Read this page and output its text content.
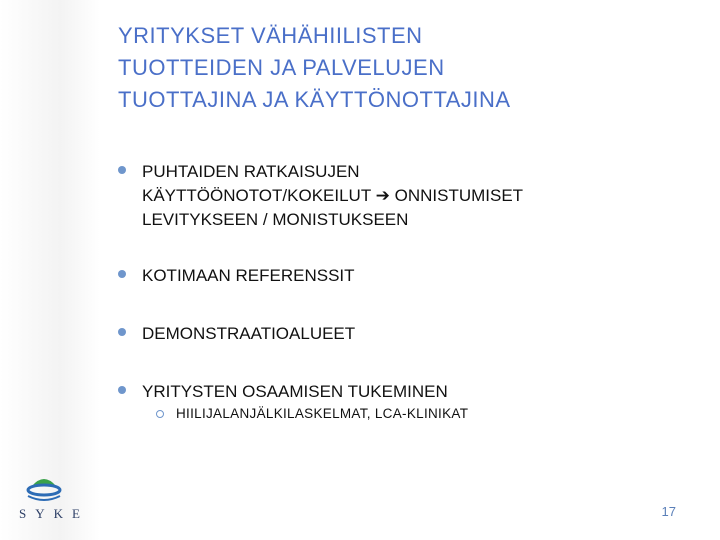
YRITYKSET VÄHÄHIILISTEN
TUOTTEIDEN JA PALVELUJEN
TUOTTAJINA JA KÄYTTÖNOTTAJINA
PUHTAIDEN RATKAISUJEN
KÄYTTÖÖNOTOT/KOKEILUT ➔ ONNISTUMISET
LEVITYKSEEN / MONISTUKSEEN
KOTIMAAN REFERENSSIT
DEMONSTRAATIOALUEET
YRITYSTEN OSAAMISEN TUKEMINEN
HIILIJALANJÄLKILASKELMAT, LCA-KLINIKAT
SYKE	17
